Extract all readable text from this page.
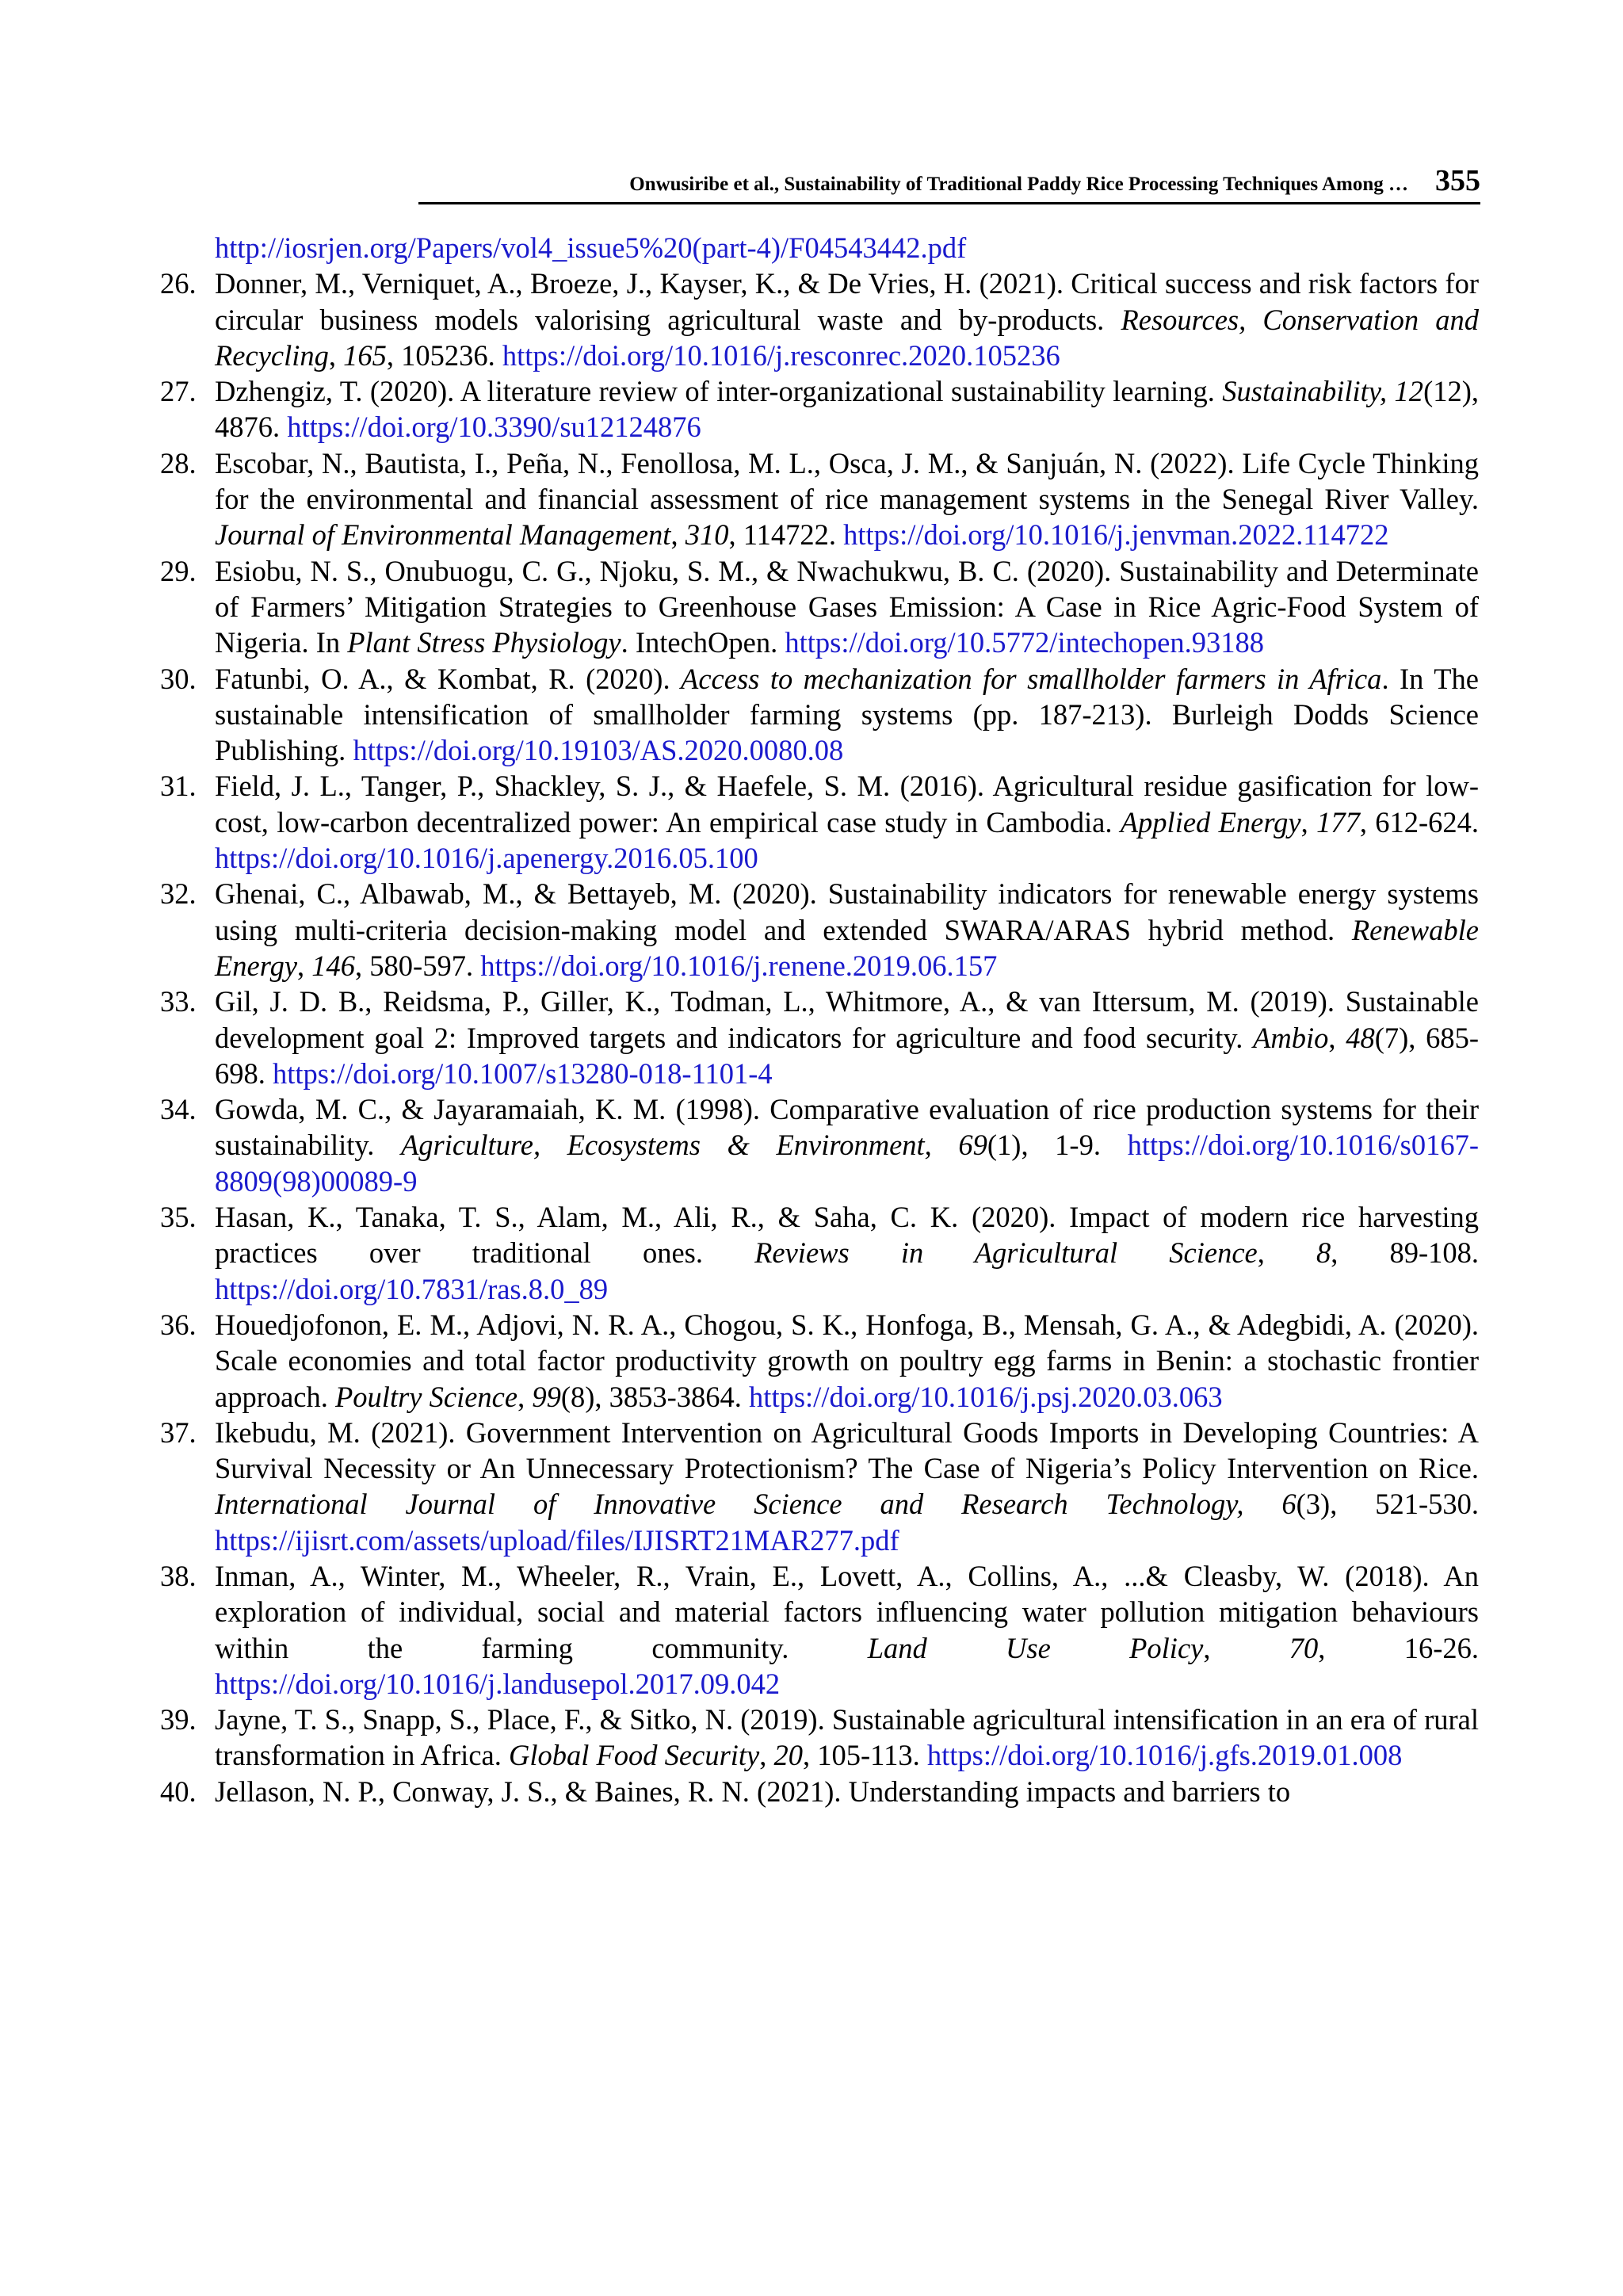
Onwusiribe et al., Sustainability of Traditional Paddy Rice Processing Techniques Among … 355
http://iosrjen.org/Papers/vol4_issue5%20(part-4)/F04543442.pdf
26. Donner, M., Verniquet, A., Broeze, J., Kayser, K., & De Vries, H. (2021). Critical success and risk factors for circular business models valorising agricultural waste and by-products. Resources, Conservation and Recycling, 165, 105236. https://doi.org/10.1016/j.resconrec.2020.105236
27. Dzhengiz, T. (2020). A literature review of inter-organizational sustainability learning. Sustainability, 12(12), 4876. https://doi.org/10.3390/su12124876
28. Escobar, N., Bautista, I., Peña, N., Fenollosa, M. L., Osca, J. M., & Sanjuán, N. (2022). Life Cycle Thinking for the environmental and financial assessment of rice management systems in the Senegal River Valley. Journal of Environmental Management, 310, 114722. https://doi.org/10.1016/j.jenvman.2022.114722
29. Esiobu, N. S., Onubuogu, C. G., Njoku, S. M., & Nwachukwu, B. C. (2020). Sustainability and Determinate of Farmers’ Mitigation Strategies to Greenhouse Gases Emission: A Case in Rice Agric-Food System of Nigeria. In Plant Stress Physiology. IntechOpen. https://doi.org/10.5772/intechopen.93188
30. Fatunbi, O. A., & Kombat, R. (2020). Access to mechanization for smallholder farmers in Africa. In The sustainable intensification of smallholder farming systems (pp. 187-213). Burleigh Dodds Science Publishing. https://doi.org/10.19103/AS.2020.0080.08
31. Field, J. L., Tanger, P., Shackley, S. J., & Haefele, S. M. (2016). Agricultural residue gasification for low-cost, low-carbon decentralized power: An empirical case study in Cambodia. Applied Energy, 177, 612-624. https://doi.org/10.1016/j.apenergy.2016.05.100
32. Ghenai, C., Albawab, M., & Bettayeb, M. (2020). Sustainability indicators for renewable energy systems using multi-criteria decision-making model and extended SWARA/ARAS hybrid method. Renewable Energy, 146, 580-597. https://doi.org/10.1016/j.renene.2019.06.157
33. Gil, J. D. B., Reidsma, P., Giller, K., Todman, L., Whitmore, A., & van Ittersum, M. (2019). Sustainable development goal 2: Improved targets and indicators for agriculture and food security. Ambio, 48(7), 685-698. https://doi.org/10.1007/s13280-018-1101-4
34. Gowda, M. C., & Jayaramaiah, K. M. (1998). Comparative evaluation of rice production systems for their sustainability. Agriculture, Ecosystems & Environment, 69(1), 1-9. https://doi.org/10.1016/s0167-8809(98)00089-9
35. Hasan, K., Tanaka, T. S., Alam, M., Ali, R., & Saha, C. K. (2020). Impact of modern rice harvesting practices over traditional ones. Reviews in Agricultural Science, 8, 89-108. https://doi.org/10.7831/ras.8.0_89
36. Houedjofonon, E. M., Adjovi, N. R. A., Chogou, S. K., Honfoga, B., Mensah, G. A., & Adegbidi, A. (2020). Scale economies and total factor productivity growth on poultry egg farms in Benin: a stochastic frontier approach. Poultry Science, 99(8), 3853-3864. https://doi.org/10.1016/j.psj.2020.03.063
37. Ikebudu, M. (2021). Government Intervention on Agricultural Goods Imports in Developing Countries: A Survival Necessity or An Unnecessary Protectionism? The Case of Nigeria’s Policy Intervention on Rice. International Journal of Innovative Science and Research Technology, 6(3), 521-530. https://ijisrt.com/assets/upload/files/IJISRT21MAR277.pdf
38. Inman, A., Winter, M., Wheeler, R., Vrain, E., Lovett, A., Collins, A., ...& Cleasby, W. (2018). An exploration of individual, social and material factors influencing water pollution mitigation behaviours within the farming community. Land Use Policy, 70, 16-26. https://doi.org/10.1016/j.landusepol.2017.09.042
39. Jayne, T. S., Snapp, S., Place, F., & Sitko, N. (2019). Sustainable agricultural intensification in an era of rural transformation in Africa. Global Food Security, 20, 105-113. https://doi.org/10.1016/j.gfs.2019.01.008
40. Jellason, N. P., Conway, J. S., & Baines, R. N. (2021). Understanding impacts and barriers to
